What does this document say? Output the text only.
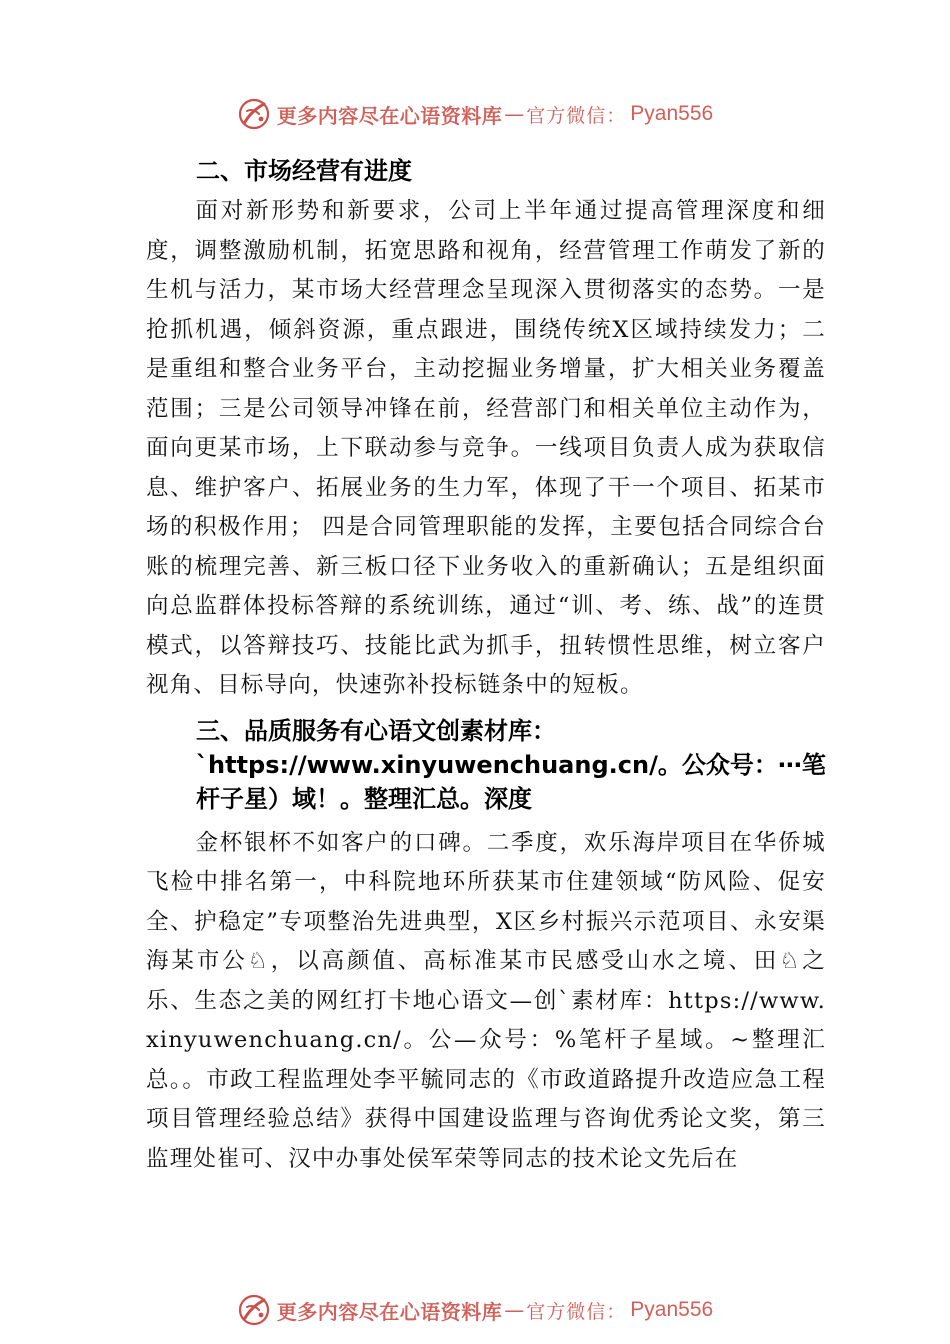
更多内容尽在心语资料库 — 官方微信： Pyan556
二、市场经营有进度

面对新形势和新要求，公司上半年通过提高管理深度和细度，调整激励机制，拓宽思路和视角，经营管理工作萌发了新的生机与活力，某市场大经营理念呈现深入贯彻落实的态势。一是抢抓机遇，倾斜资源，重点跟进，围绕传统X区域持续发力；二是重组和整合业务平台，主动挖掘业务增量，扩大相关业务覆盖范围；三是公司领导冲锋在前，经营部门和相关单位主动作为，面向更某市场，上下联动参与竞争。一线项目负责人成为获取信息、维护客户、拓展业务的生力军，体现了干一个项目、拓某市场的积极作用； 四是合同管理职能的发挥，主要包括合同综合台账的梳理完善、新三板口径下业务收入的重新确认；五是组织面向总监群体投标答辩的系统训练，通过“训、考、练、战”的连贯模式，以答辩技巧、技能比武为抓手，扭转惯性思维，树立客户视角、目标导向，快速弥补投标链条中的短板。

三、品质服务有心语文创素材库：`https://www.xinyuwenchuang.cn/。公众号：⋯笔杆子星）域！。整理汇总。深度

金杯银杯不如客户的口碑。二季度，欢乐海岸项目在华侨城飞检中排名第一，中科院地环所获某市住建领域“防风险、促安全、护稳定”专项整治先进典型，X区乡村振兴示范项目、永安渠海某市公♘，以高颜值、高标准某市民感受山水之境、田♘之乐、生态之美的网红打卡地心语文—创`素材库：https://www.xinyuwenchuang.cn/。公—众号：%笔杆子星域。~整理汇总。。市政工程监理处李平毓同志的《市政道路提升改造应急工程项目管理经验总结》获得中国建设监理与咨询优秀论文奖，第三监理处崔可、汉中办事处侯军荣等同志的技术论文先后在

更多内容尽在心语资料库 — 官方微信： Pyan556
